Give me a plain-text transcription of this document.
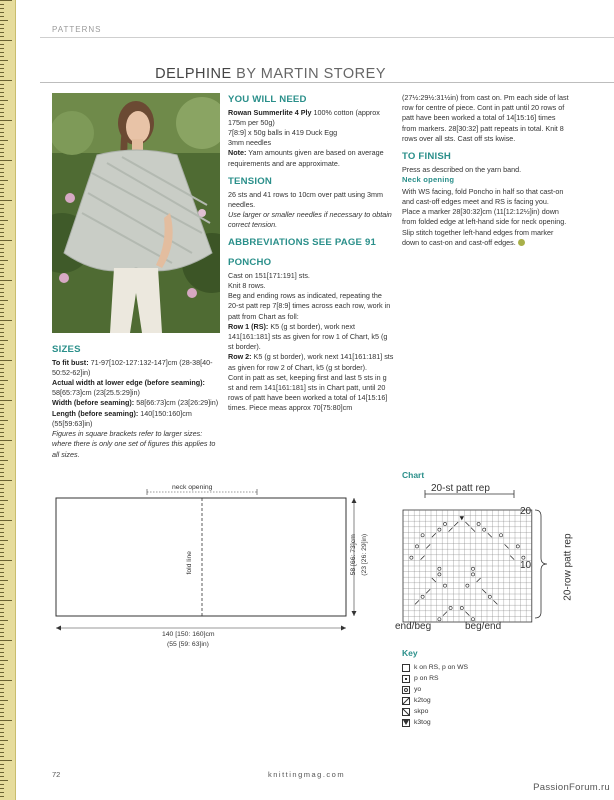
PATTERNS
DELPHINE BY MARTIN STOREY
YOU WILL NEED

Rowan Summerlite 4 Ply 100% cotton (approx 175m per 50g)

7[8:9] x 50g balls in 419 Duck Egg

3mm needles

Note: Yarn amounts given are based on average requirements and are approximate.

TENSION

26 sts and 41 rows to 10cm over patt using 3mm needles.

Use larger or smaller needles if necessary to obtain correct tension.

ABBREVIATIONS SEE PAGE 91
PONCHO

Cast on 151[171:191] sts.

Knit 8 rows.

Beg and ending rows as indicated, repeating the 20-st patt rep 7[8:9] times across each row, work in patt from Chart as foll:

Row 1 (RS): K5 (g st border), work next 141[161:181] sts as given for row 1 of Chart, k5 (g st border).

Row 2: K5 (g st border), work next 141[161:181] sts as given for row 2 of Chart, k5 (g st border).

Cont in patt as set, keeping first and last 5 sts in g st and rem 141[161:181] sts in Chart patt, until 20 rows of patt have been worked a total of 14[15:16] times. Piece meas approx 70[75:80]cm

(27½:29½:31½in) from cast on. Pm each side of last row for centre of piece. Cont in patt until 20 rows of patt have been worked a total of 14[15:16] times from markers. 28[30:32] patt repeats in total. Knit 8 rows over all sts. Cast off sts kwise.

TO FINISH

Press as described on the yarn band.

Neck opening

With WS facing, fold Poncho in half so that cast-on and cast-off edges meet and RS is facing you.

Place a marker 28[30:32]cm (11[12:12½]in) down from folded edge at left-hand side for neck opening. Slip stitch together left-hand edges from marker down to cast-on and cast-off edges.

SIZES

To fit bust: 71-97[102-127:132-147]cm (28-38[40-50:52-62]in)

Actual width at lower edge (before seaming): 58[65:73]cm (23[25.5:29]in)

Width (before seaming): 58[66:73]cm (23[26:29]in)

Length (before seaming): 140[150:160]cm (55[59:63]in)

Figures in square brackets refer to larger sizes: where there is only one set of figures this applies to all sizes.

neck opening
fold line
140 [150: 160]cm
(55 [59: 63]in)
58 [66: 73]cm (23 [26: 29]in)
Chart
20-st patt rep
20
10	20-row patt rep
end/beg	beg/end
Key
k on RS, p on WS
p on RS
yo
k2tog
skpo
k3tog
72	knittingmag.com
PassionForum.ru
